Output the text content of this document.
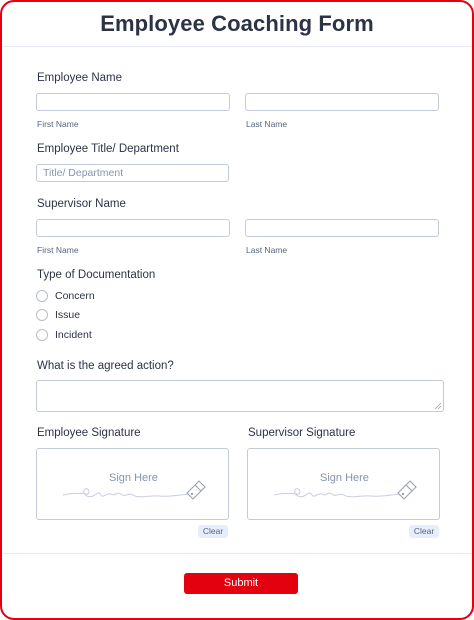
Employee Coaching Form
Employee Name
First Name	Last Name
Employee Title/ Department
Title/ Department
Supervisor Name
First Name	Last Name
Type of Documentation
Concern
Issue
Incident
What is the agreed action?
Employee Signature
Sign Here
Clear
Supervisor Signature
Sign Here
Clear
Submit
